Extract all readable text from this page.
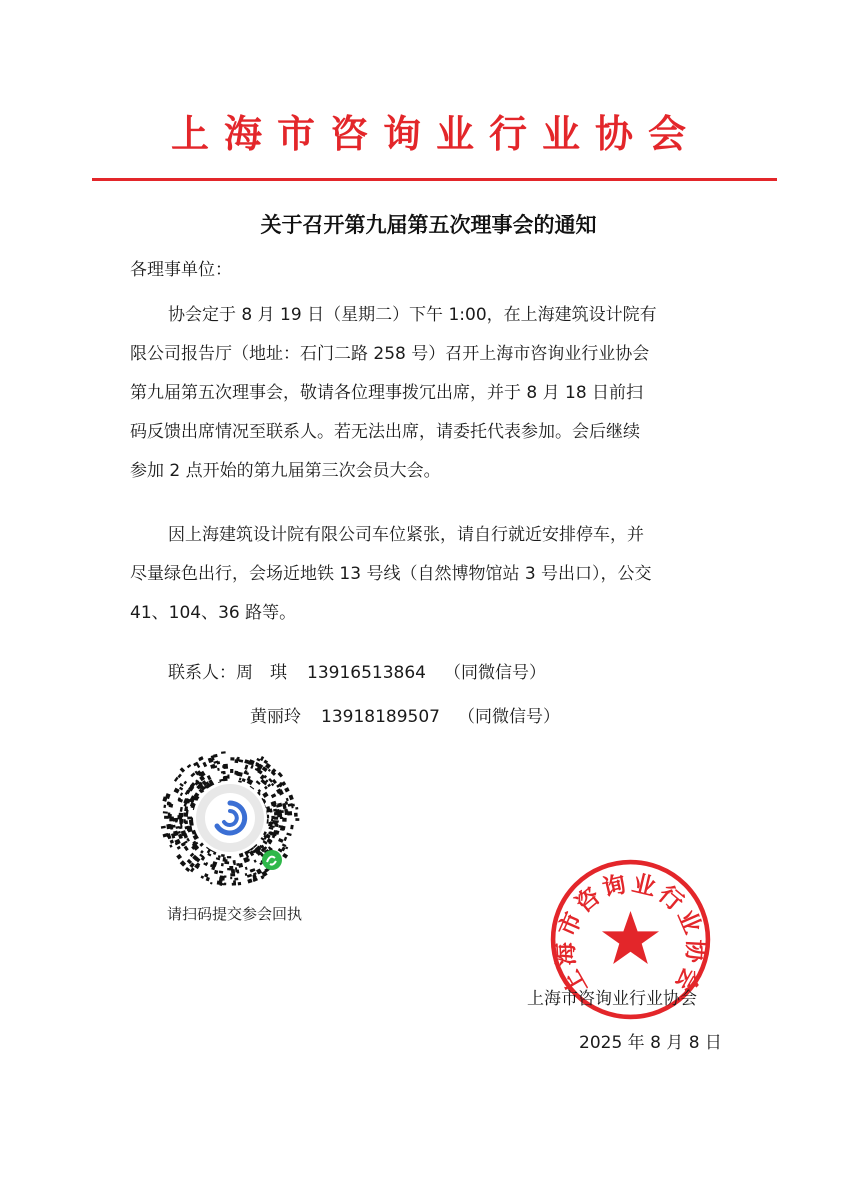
上海市咨询业行业协会
关于召开第九届第五次理事会的通知
各理事单位：
协会定于 8 月 19 日（星期二）下午 1:00，在上海建筑设计院有
限公司报告厅（地址：石门二路 258 号）召开上海市咨询业行业协会
第九届第五次理事会，敬请各位理事拨冗出席，并于 8 月 18 日前扫
码反馈出席情况至联系人。若无法出席，请委托代表参加。会后继续
参加 2 点开始的第九届第三次会员大会。
因上海建筑设计院有限公司车位紧张，请自行就近安排停车，并
尽量绿色出行，会场近地铁 13 号线（自然博物馆站 3 号出口），公交
41、104、36 路等。
联系人：周　琪 13916513864 （同微信号）
黄丽玲 13918189507 （同微信号）
请扫码提交参会回执
上海市咨询业行业协会
上海市咨询业行业协会
2025 年 8 月 8 日
